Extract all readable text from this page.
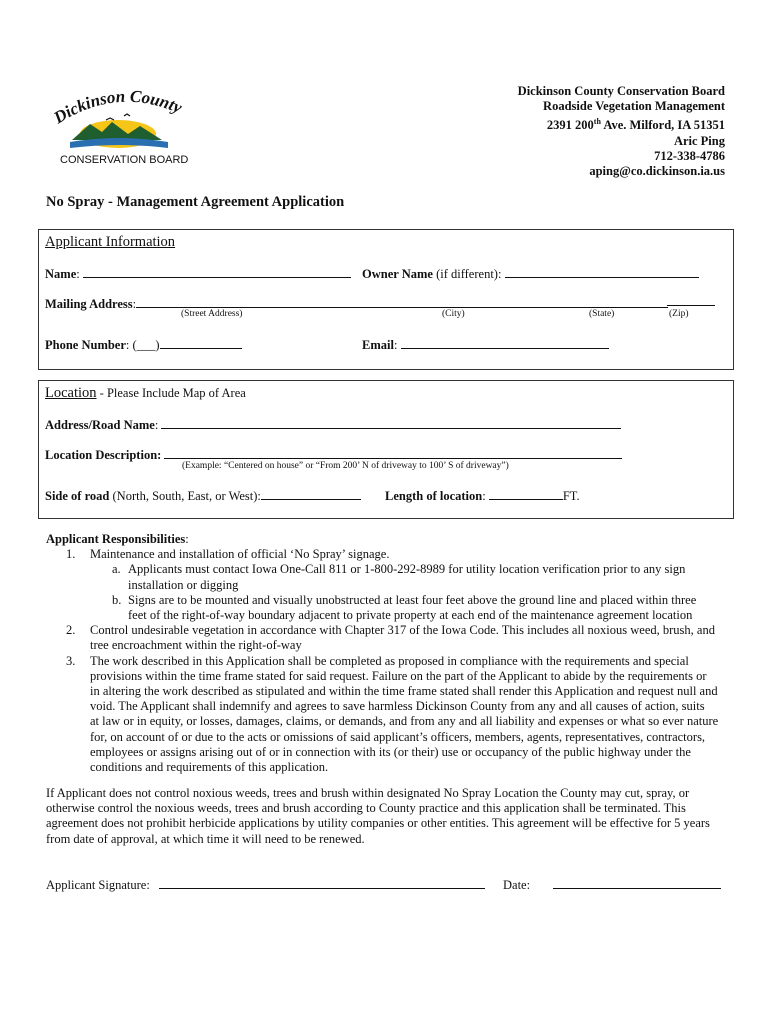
Dickinson County
CONSERVATION BOARD
Dickinson County Conservation Board
Roadside Vegetation Management
2391 200th Ave. Milford, IA 51351
Aric Ping
712-338-4786
aping@co.dickinson.ia.us
No Spray - Management Agreement Application
Applicant Information
Name:	Owner Name (if different):
Mailing Address:
(Street Address)	(City)	(State)	(Zip)
Phone Number: (___)	Email:
Location - Please Include Map of Area
Address/Road Name:
Location Description:
(Example: “Centered on house” or “From 200’ N of driveway to 100’ S of driveway”)
Side of road (North, South, East, or West):	Length of location:	FT.
Applicant Responsibilities:
1. Maintenance and installation of official ‘No Spray’ signage.
a. Applicants must contact Iowa One-Call 811 or 1-800-292-8989 for utility location verification prior to any sign
installation or digging
b. Signs are to be mounted and visually unobstructed at least four feet above the ground line and placed within three
feet of the right-of-way boundary adjacent to private property at each end of the maintenance agreement location
2. Control undesirable vegetation in accordance with Chapter 317 of the Iowa Code. This includes all noxious weed, brush, and
tree encroachment within the right-of-way
3. The work described in this Application shall be completed as proposed in compliance with the requirements and special
provisions within the time frame stated for said request. Failure on the part of the Applicant to abide by the requirements or
in altering the work described as stipulated and within the time frame stated shall render this Application and request null and
void. The Applicant shall indemnify and agrees to save harmless Dickinson County from any and all causes of action, suits
at law or in equity, or losses, damages, claims, or demands, and from any and all liability and expenses or what so ever nature
for, on account of or due to the acts or omissions of said applicant’s officers, members, agents, representatives, contractors,
employees or assigns arising out of or in connection with its (or their) use or occupancy of the public highway under the
conditions and requirements of this application.
If Applicant does not control noxious weeds, trees and brush within designated No Spray Location the County may cut, spray, or
otherwise control the noxious weeds, trees and brush according to County practice and this application shall be terminated. This
agreement does not prohibit herbicide applications by utility companies or other entities. This agreement will be effective for 5 years
from date of approval, at which time it will need to be renewed.
Applicant Signature:	Date:
